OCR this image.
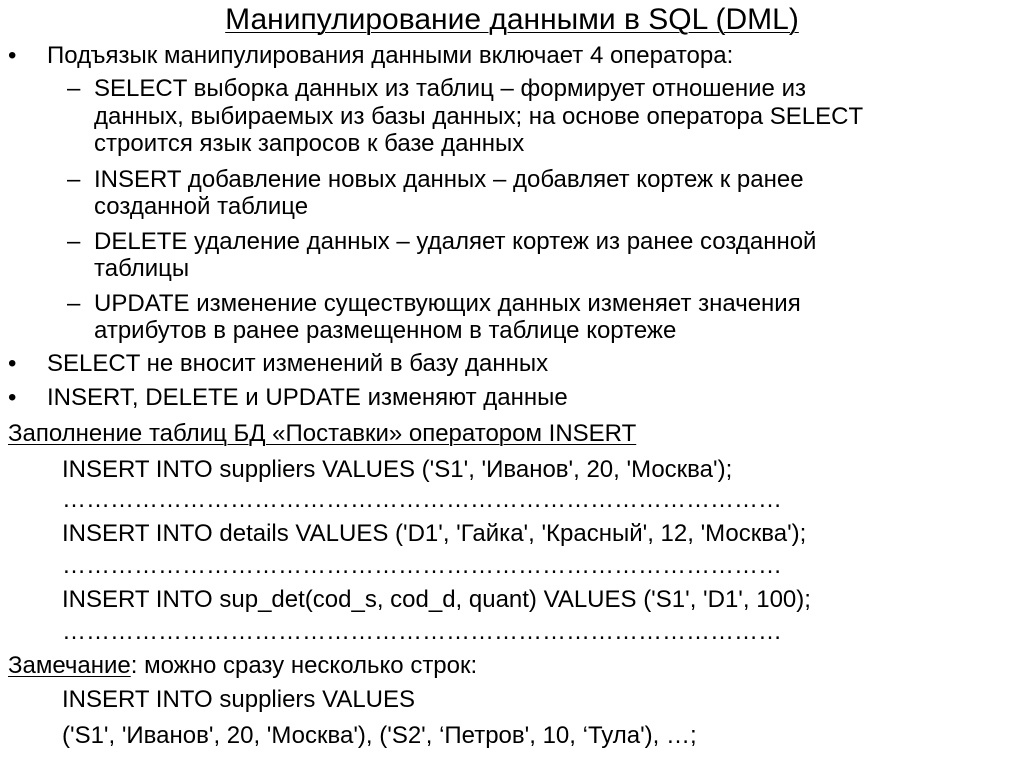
Манипулирование данными в SQL (DML)
• Подъязык манипулирования данными включает 4 оператора:
– SELECT выборка данных из таблиц – формирует отношение из
данных, выбираемых из базы данных; на основе оператора SELECT
строится язык запросов к базе данных
– INSERT добавление новых данных – добавляет кортеж к ранее
созданной таблице
– DELETE удаление данных – удаляет кортеж из ранее созданной
таблицы
– UPDATE изменение существующих данных изменяет значения
атрибутов в ранее размещенном в таблице кортеже
• SELECT не вносит изменений в базу данных
• INSERT, DELETE и UPDATE изменяют данные
Заполнение таблиц БД «Поставки» оператором INSERT
INSERT INTO suppliers VALUES ('S1', 'Иванов', 20, 'Москва');
………………………………………………………………………………
INSERT INTO details VALUES ('D1', 'Гайка', 'Красный', 12, 'Москва');
………………………………………………………………………………
INSERT INTO sup_det(cod_s, cod_d, quant) VALUES ('S1', 'D1', 100);
………………………………………………………………………………
Замечание: можно сразу несколько строк:
INSERT INTO suppliers VALUES
('S1', 'Иванов', 20, 'Москва'), ('S2', ‘Петров', 10, ‘Тула'), …;
